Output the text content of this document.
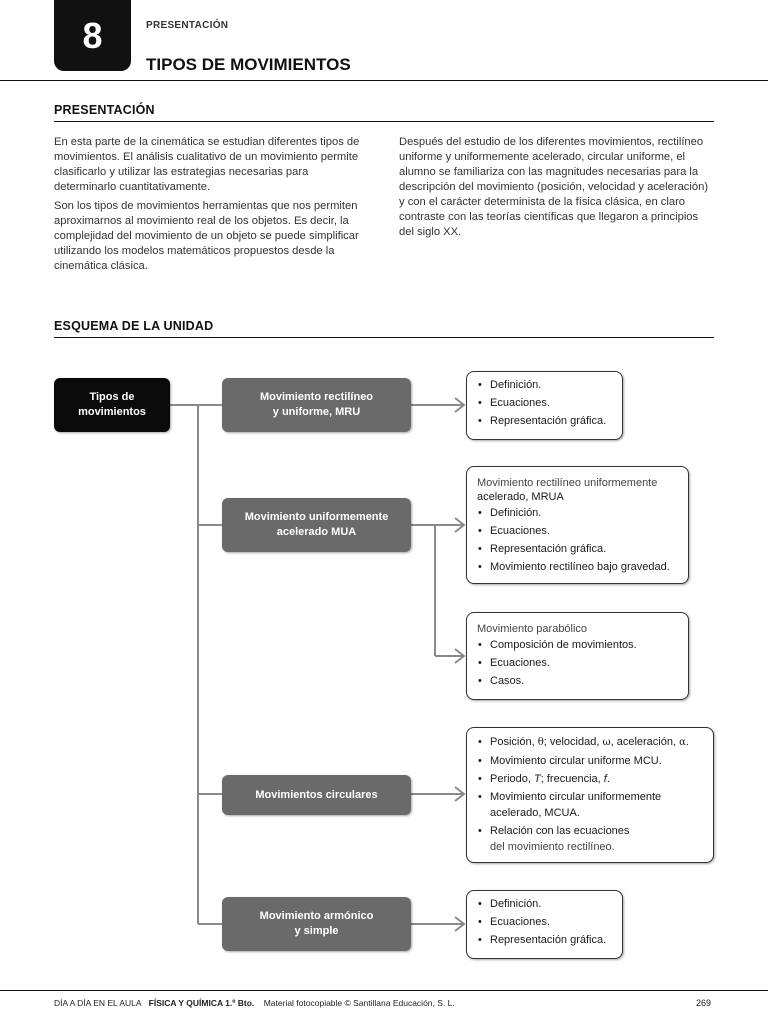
8	PRESENTACIÓN
TIPOS DE MOVIMIENTOS
PRESENTACIÓN

En esta parte de la cinemática se estudian diferentes tipos de movimientos. El análisis cualitativo de un movimiento permite clasificarlo y utilizar las estrategias necesarias para determinarlo cuantitativamente.

Son los tipos de movimientos herramientas que nos permiten aproximarnos al movimiento real de los objetos. Es decir, la complejidad del movimiento de un objeto se puede simplificar utilizando los modelos matemáticos propuestos desde la cinemática clásica.

Después del estudio de los diferentes movimientos, rectilíneo uniforme y uniformemente acelerado, circular uniforme, el alumno se familiariza con las magnitudes necesarias para la descripción del movimiento (posición, velocidad y aceleración) y con el carácter determinista de la física clásica, en claro contraste con las teorías científicas que llegaron a principios del siglo XX.

ESQUEMA DE LA UNIDAD
Tipos de
movimientos
Movimiento rectilíneo
y uniforme, MRU
Movimiento uniformemente
acelerado MUA
Movimientos circulares
Movimiento armónico
y simple
• Definición.
• Ecuaciones.
• Representación gráfica.
Movimiento rectilíneo uniformemente
acelerado, MRUA
• Definición.
• Ecuaciones.
• Representación gráfica.
• Movimiento rectilíneo bajo gravedad.
Movimiento parabólico
• Composición de movimientos.
• Ecuaciones.
• Casos.
• Posición, θ; velocidad, ω, aceleración, α.
• Movimiento circular uniforme MCU.
• Periodo, T; frecuencia, f.
• Movimiento circular uniformemente
acelerado, MCUA.
• Relación con las ecuaciones
del movimiento rectilíneo.
• Definición.
• Ecuaciones.
• Representación gráfica.
DÍA A DÍA EN EL AULA FÍSICA Y QUÍMICA 1.º Bto. Material fotocopiable © Santillana Educación, S. L.	269
